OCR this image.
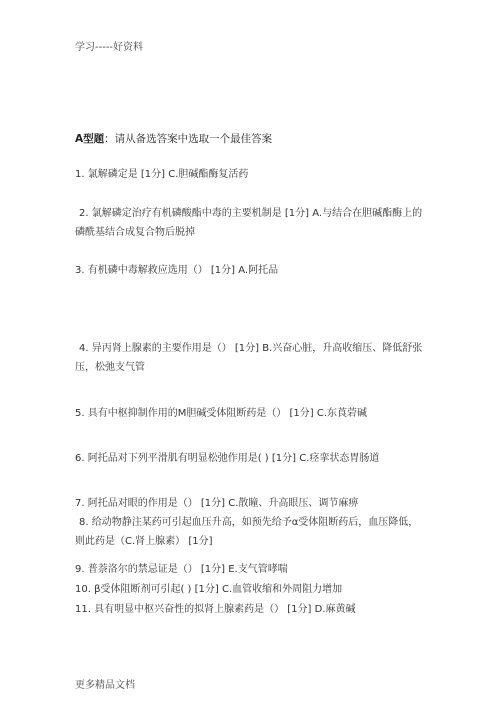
学习-----好资料
A型题：请从备选答案中选取一个最佳答案
1. 氯解磷定是 [1分] C.胆碱酯酶复活药
2. 氯解磷定治疗有机磷酸酯中毒的主要机制是 [1分] A.与结合在胆碱酯酶上的磷酰基结合成复合物后脱掉
3. 有机磷中毒解救应选用（） [1分] A.阿托品
4. 异丙肾上腺素的主要作用是（） [1分] B.兴奋心脏，升高收缩压、降低舒张压，松弛支气管
5. 具有中枢抑制作用的M胆碱受体阻断药是（） [1分] C.东莨菪碱
6. 阿托品对下列平滑肌有明显松弛作用是( ) [1分] C.痉挛状态胃肠道
7. 阿托品对眼的作用是（） [1分] C.散瞳、升高眼压、调节麻痹
8. 给动物静注某药可引起血压升高，如预先给予α受体阻断药后，血压降低，则此药是（C.肾上腺素） [1分]
9. 普萘洛尔的禁忌证是（） [1分] E.支气管哮喘
10. β受体阻断剂可引起( ) [1分] C.血管收缩和外周阻力增加
11. 具有明显中枢兴奋性的拟肾上腺素药是（） [1分] D.麻黄碱
更多精品文档
